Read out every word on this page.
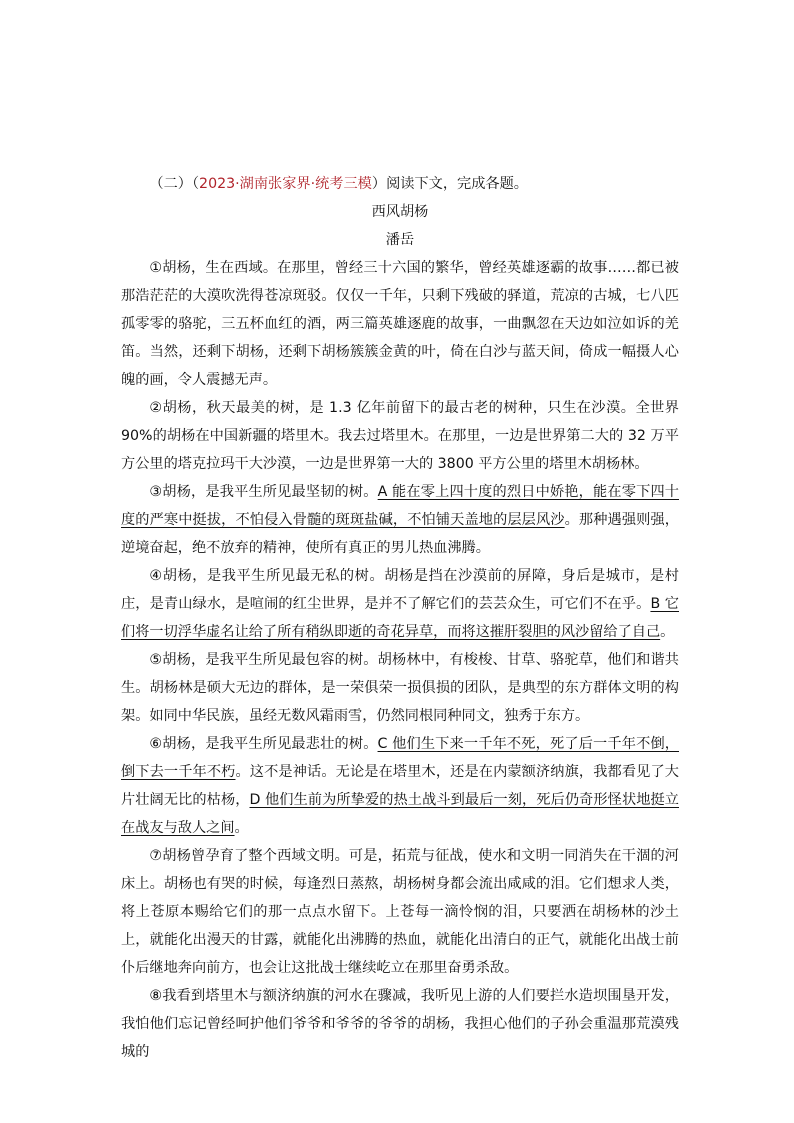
（二）（2023·湖南张家界·统考三模）阅读下文，完成各题。

西风胡杨

潘岳

①胡杨，生在西域。在那里，曾经三十六国的繁华，曾经英雄逐霸的故事……都已被那浩茫茫的大漠吹洗得苍凉斑驳。仅仅一千年，只剩下残破的驿道，荒凉的古城，七八匹孤零零的骆驼，三五杯血红的酒，两三篇英雄逐鹿的故事，一曲飘忽在天边如泣如诉的羌笛。当然，还剩下胡杨，还剩下胡杨簇簇金黄的叶，倚在白沙与蓝天间，倚成一幅摄人心魄的画，令人震撼无声。

②胡杨，秋天最美的树，是 1.3 亿年前留下的最古老的树种，只生在沙漠。全世界 90%的胡杨在中国新疆的塔里木。我去过塔里木。在那里，一边是世界第二大的 32 万平方公里的塔克拉玛干大沙漠，一边是世界第一大的 3800 平方公里的塔里木胡杨林。

③胡杨，是我平生所见最坚韧的树。A 能在零上四十度的烈日中娇艳，能在零下四十度的严寒中挺拔，不怕侵入骨髓的斑斑盐碱，不怕铺天盖地的层层风沙。那种遇强则强，逆境奋起，绝不放弃的精神，使所有真正的男儿热血沸腾。

④胡杨，是我平生所见最无私的树。胡杨是挡在沙漠前的屏障，身后是城市，是村庄，是青山绿水，是喧闹的红尘世界，是并不了解它们的芸芸众生，可它们不在乎。B 它们将一切浮华虚名让给了所有稍纵即逝的奇花异草，而将这摧肝裂胆的风沙留给了自己。

⑤胡杨，是我平生所见最包容的树。胡杨林中，有梭梭、甘草、骆驼草，他们和谐共生。胡杨林是硕大无边的群体，是一荣俱荣一损俱损的团队，是典型的东方群体文明的构架。如同中华民族，虽经无数风霜雨雪，仍然同根同种同文，独秀于东方。

⑥胡杨，是我平生所见最悲壮的树。C 他们生下来一千年不死，死了后一千年不倒，倒下去一千年不朽。这不是神话。无论是在塔里木，还是在内蒙额济纳旗，我都看见了大片壮阔无比的枯杨，D 他们生前为所挚爱的热土战斗到最后一刻，死后仍奇形怪状地挺立在战友与敌人之间。

⑦胡杨曾孕育了整个西域文明。可是，拓荒与征战，使水和文明一同消失在干涸的河床上。胡杨也有哭的时候，每逢烈日蒸熬，胡杨树身都会流出咸咸的泪。它们想求人类，将上苍原本赐给它们的那一点点水留下。上苍每一滴怜悯的泪，只要洒在胡杨林的沙土上，就能化出漫天的甘露，就能化出沸腾的热血，就能化出清白的正气，就能化出战士前仆后继地奔向前方，也会让这批战士继续屹立在那里奋勇杀敌。

⑧我看到塔里木与额济纳旗的河水在骤减，我听见上游的人们要拦水造坝围垦开发，我怕他们忘记曾经呵护他们爷爷和爷爷的爷爷的胡杨，我担心他们的子孙会重温那荒漠残城的
